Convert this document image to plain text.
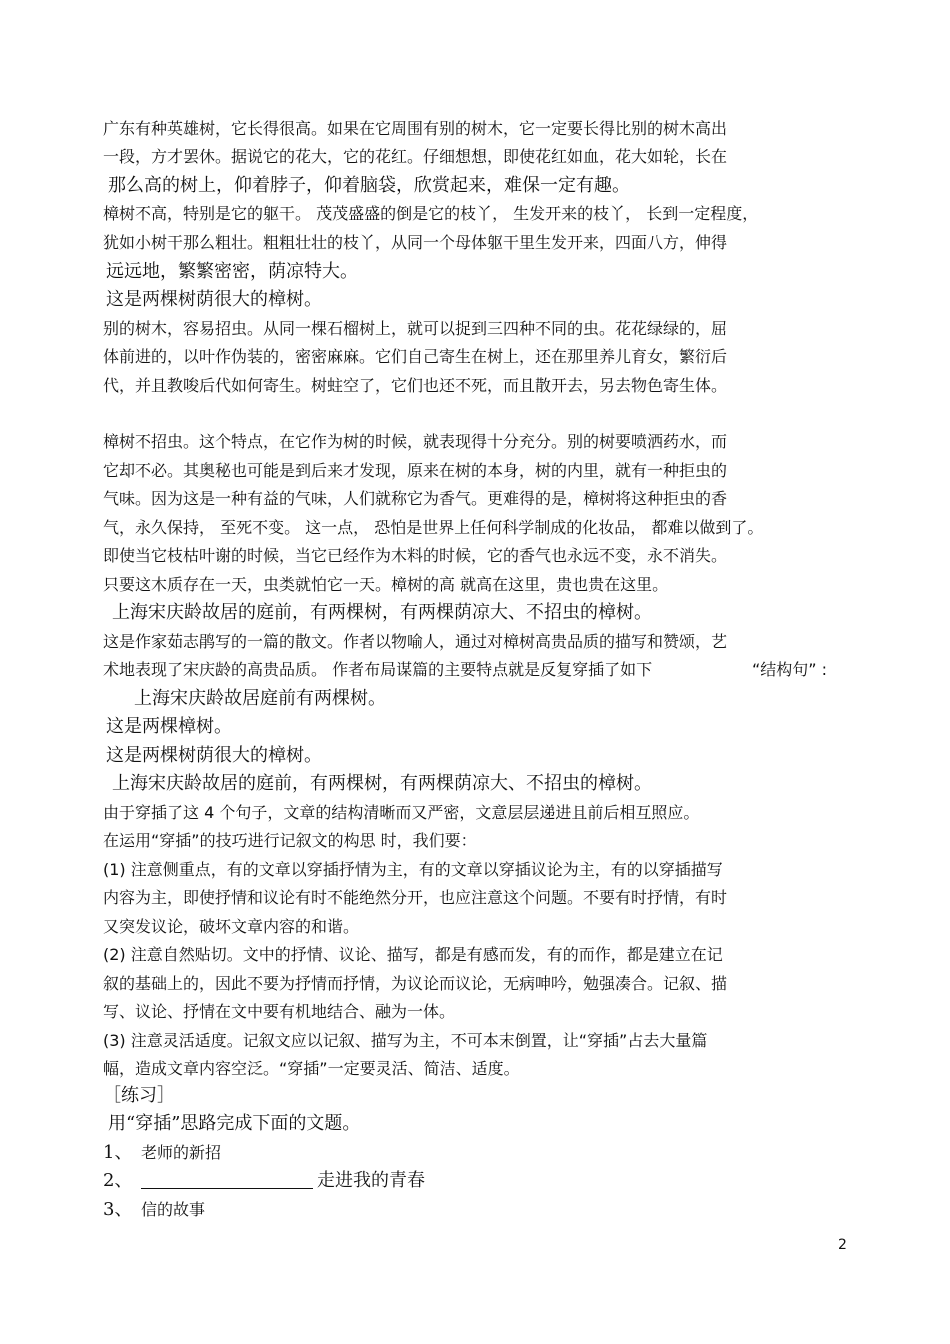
广东有种英雄树，它长得很高。如果在它周围有别的树木，它一定要长得比别的树木高出
一段，方才罢休。据说它的花大，它的花红。仔细想想，即使花红如血，花大如轮，长在
那么高的树上，仰着脖子，仰着脑袋，欣赏起来，难保一定有趣。
樟树不高，特别是它的躯干。 茂茂盛盛的倒是它的枝丫， 生发开来的枝丫， 长到一定程度，
犹如小树干那么粗壮。粗粗壮壮的枝丫，从同一个母体躯干里生发开来，四面八方，伸得
远远地，繁繁密密，荫凉特大。
这是两棵树荫很大的樟树。
别的树木，容易招虫。从同一棵石榴树上，就可以捉到三四种不同的虫。花花绿绿的，屈
体前进的，以叶作伪装的，密密麻麻。它们自己寄生在树上，还在那里养儿育女，繁衍后
代，并且教唆后代如何寄生。树蛀空了，它们也还不死，而且散开去，另去物色寄生体。
樟树不招虫。这个特点，在它作为树的时候，就表现得十分充分。别的树要喷洒药水，而
它却不必。其奥秘也可能是到后来才发现，原来在树的本身，树的内里，就有一种拒虫的
气味。因为这是一种有益的气味，人们就称它为香气。更难得的是，樟树将这种拒虫的香
气，永久保持， 至死不变。 这一点， 恐怕是世界上任何科学制成的化妆品， 都难以做到了。
即使当它枝枯叶谢的时候，当它已经作为木料的时候，它的香气也永远不变，永不消失。
只要这木质存在一天，虫类就怕它一天。樟树的高 就高在这里，贵也贵在这里。
上海宋庆龄故居的庭前，有两棵树，有两棵荫凉大、不招虫的樟树。
这是作家茹志鹃写的一篇的散文。作者以物喻人，通过对樟树高贵品质的描写和赞颂，艺
术地表现了宋庆龄的高贵品质。 作者布局谋篇的主要特点就是反复穿插了如下	“结构句” :
上海宋庆龄故居庭前有两棵树。
这是两棵樟树。
这是两棵树荫很大的樟树。
上海宋庆龄故居的庭前，有两棵树，有两棵荫凉大、不招虫的樟树。
由于穿插了这 4 个句子，文章的结构清晰而又严密，文意层层递进且前后相互照应。
在运用“穿插”的技巧进行记叙文的构思 时，我们要：
(1) 注意侧重点，有的文章以穿插抒情为主，有的文章以穿插议论为主，有的以穿插描写
内容为主，即使抒情和议论有时不能绝然分开，也应注意这个问题。不要有时抒情，有时
又突发议论，破坏文章内容的和谐。
(2) 注意自然贴切。文中的抒情、议论、描写，都是有感而发，有的而作，都是建立在记
叙的基础上的，因此不要为抒情而抒情，为议论而议论，无病呻吟，勉强凑合。记叙、描
写、议论、抒情在文中要有机地结合、融为一体。
(3) 注意灵活适度。记叙文应以记叙、描写为主，不可本末倒置，让“穿插”占去大量篇
幅，造成文章内容空泛。“穿插”一定要灵活、简洁、适度。
［练习］
用“穿插”思路完成下面的文题。
1、 老师的新招
2、	走进我的青春
3、 信的故事
2
